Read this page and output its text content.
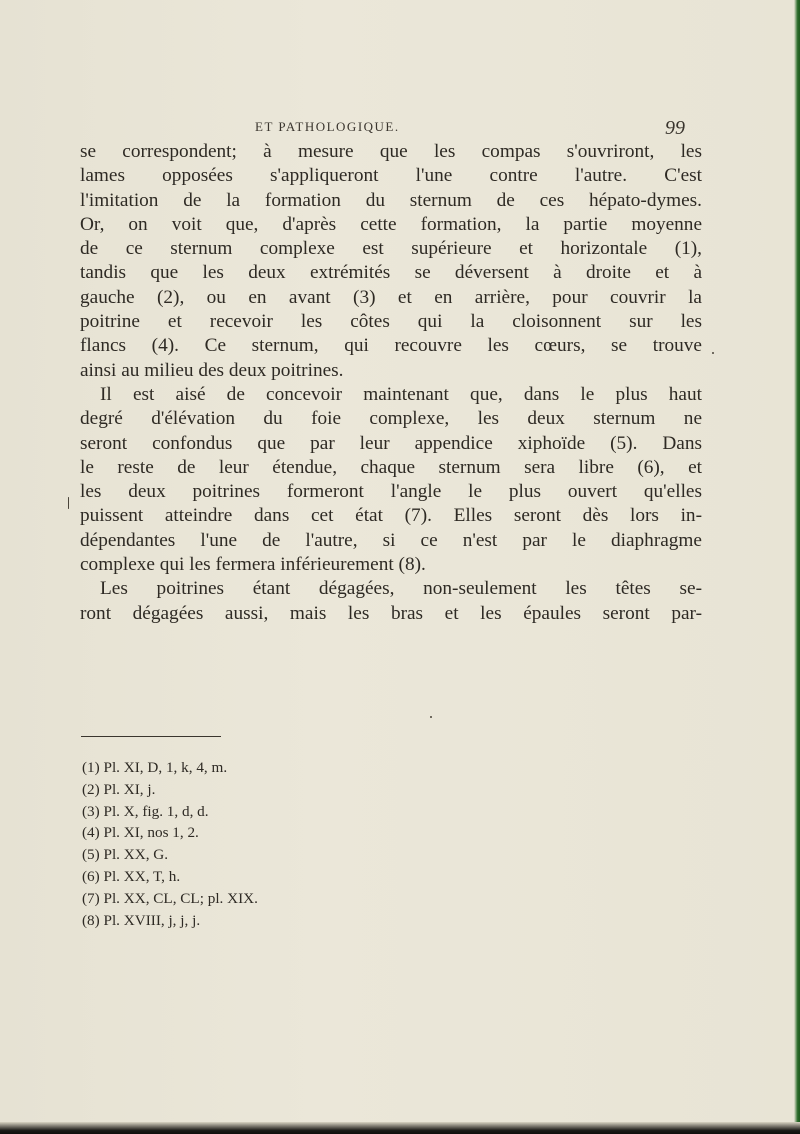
ET PATHOLOGIQUE.	99
se correspondent; à mesure que les compas s'ouvriront, les
lames opposées s'appliqueront l'une contre l'autre. C'est
l'imitation de la formation du sternum de ces hépato-dymes.
Or, on voit que, d'après cette formation, la partie moyenne
de ce sternum complexe est supérieure et horizontale (1),
tandis que les deux extrémités se déversent à droite et à
gauche (2), ou en avant (3) et en arrière, pour couvrir la
poitrine et recevoir les côtes qui la cloisonnent sur les
flancs (4). Ce sternum, qui recouvre les cœurs, se trouve
ainsi au milieu des deux poitrines.
Il est aisé de concevoir maintenant que, dans le plus haut
degré d'élévation du foie complexe, les deux sternum ne
seront confondus que par leur appendice xiphoïde (5). Dans
le reste de leur étendue, chaque sternum sera libre (6), et
les deux poitrines formeront l'angle le plus ouvert qu'elles
puissent atteindre dans cet état (7). Elles seront dès lors in-
dépendantes l'une de l'autre, si ce n'est par le diaphragme
complexe qui les fermera inférieurement (8).
Les poitrines étant dégagées, non-seulement les têtes se-
ront dégagées aussi, mais les bras et les épaules seront par-
(1) Pl. XI, D, 1, k, 4, m.
(2) Pl. XI, j.
(3) Pl. X, fig. 1, d, d.
(4) Pl. XI, nos 1, 2.
(5) Pl. XX, G.
(6) Pl. XX, T, h.
(7) Pl. XX, CL, CL; pl. XIX.
(8) Pl. XVIII, j, j, j.
